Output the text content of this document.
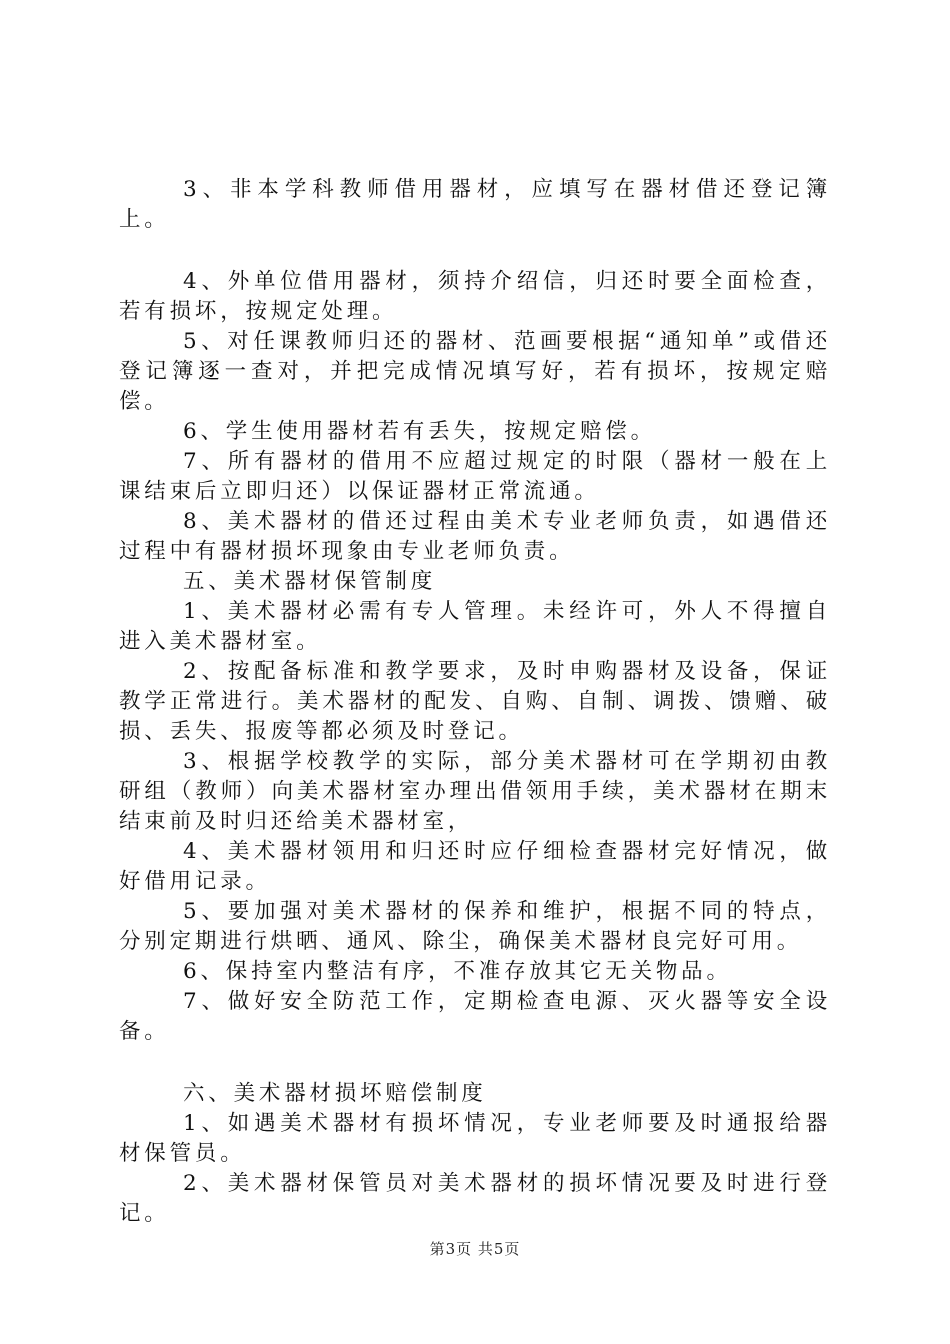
3、非本学科教师借用器材，应填写在器材借还登记簿上。

4、外单位借用器材，须持介绍信，归还时要全面检查，若有损坏，按规定处理。

5、对任课教师归还的器材、范画要根据“通知单”或借还登记簿逐一查对，并把完成情况填写好，若有损坏，按规定赔偿。

6、学生使用器材若有丢失，按规定赔偿。

7、所有器材的借用不应超过规定的时限（器材一般在上课结束后立即归还）以保证器材正常流通。

8、美术器材的借还过程由美术专业老师负责，如遇借还过程中有器材损坏现象由专业老师负责。

五、美术器材保管制度

1、美术器材必需有专人管理。未经许可，外人不得擅自进入美术器材室。

2、按配备标准和教学要求，及时申购器材及设备，保证教学正常进行。美术器材的配发、自购、自制、调拨、馈赠、破损、丢失、报废等都必须及时登记。

3、根据学校教学的实际，部分美术器材可在学期初由教研组（教师）向美术器材室办理出借领用手续，美术器材在期末结束前及时归还给美术器材室，

4、美术器材领用和归还时应仔细检查器材完好情况，做好借用记录。

5、要加强对美术器材的保养和维护，根据不同的特点，分别定期进行烘晒、通风、除尘，确保美术器材良完好可用。

6、保持室内整洁有序，不准存放其它无关物品。

7、做好安全防范工作，定期检查电源、灭火器等安全设备。

六、美术器材损坏赔偿制度

1、如遇美术器材有损坏情况，专业老师要及时通报给器材保管员。

2、美术器材保管员对美术器材的损坏情况要及时进行登记。

第3页 共5页
